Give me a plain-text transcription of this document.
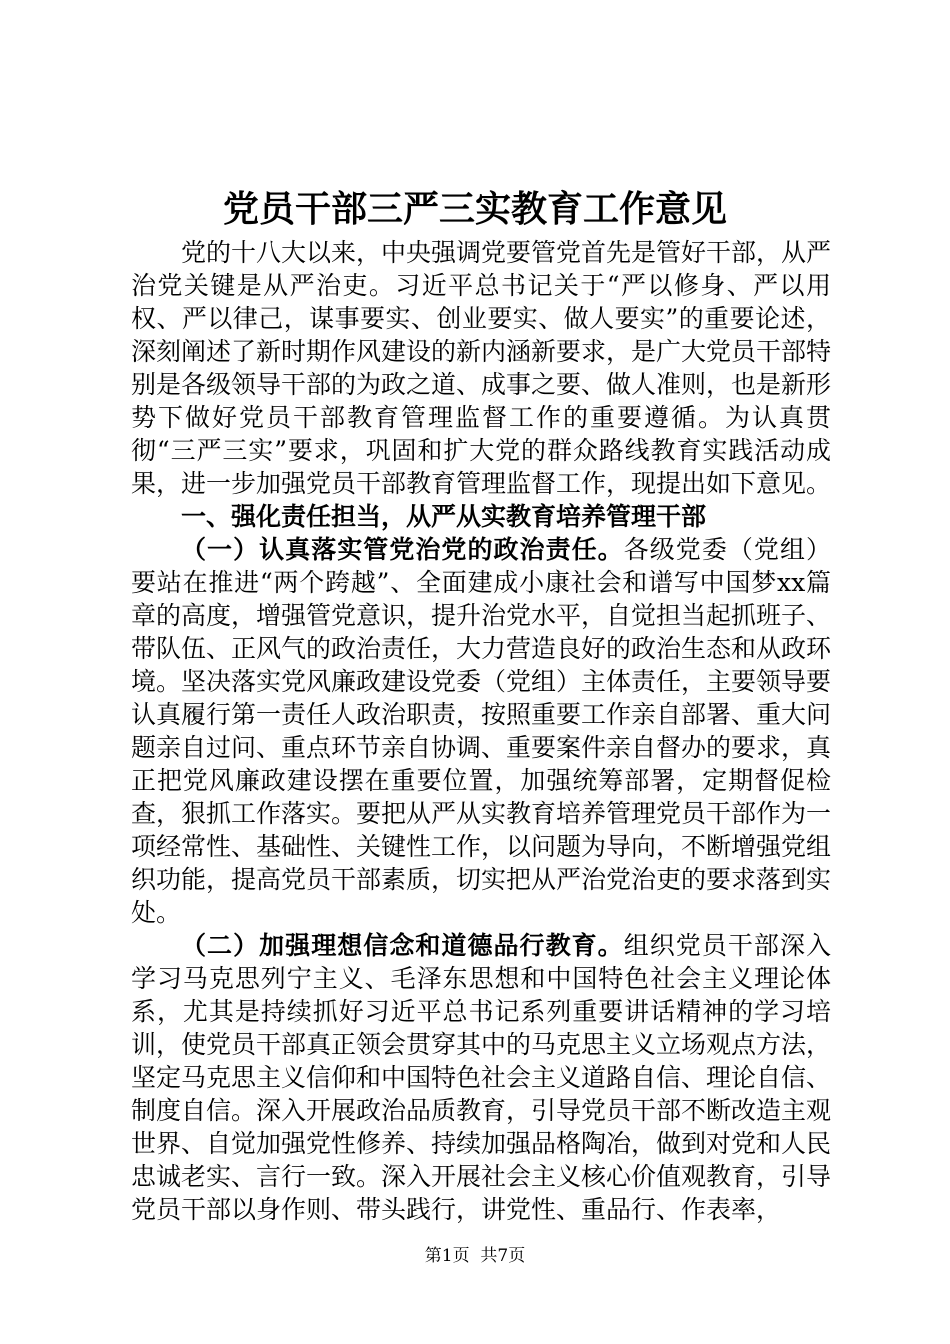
党员干部三严三实教育工作意见

党的十八大以来，中央强调党要管党首先是管好干部，从严治党关键是从严治吏。习近平总书记关于“严以修身、严以用权、严以律己，谋事要实、创业要实、做人要实”的重要论述，深刻阐述了新时期作风建设的新内涵新要求，是广大党员干部特别是各级领导干部的为政之道、成事之要、做人准则，也是新形势下做好党员干部教育管理监督工作的重要遵循。为认真贯彻“三严三实”要求，巩固和扩大党的群众路线教育实践活动成果，进一步加强党员干部教育管理监督工作，现提出如下意见。

一、强化责任担当，从严从实教育培养管理干部

（一）认真落实管党治党的政治责任。各级党委（党组）要站在推进“两个跨越”、全面建成小康社会和谱写中国梦xx篇章的高度，增强管党意识，提升治党水平，自觉担当起抓班子、带队伍、正风气的政治责任，大力营造良好的政治生态和从政环境。坚决落实党风廉政建设党委（党组）主体责任，主要领导要认真履行第一责任人政治职责，按照重要工作亲自部署、重大问题亲自过问、重点环节亲自协调、重要案件亲自督办的要求，真正把党风廉政建设摆在重要位置，加强统筹部署，定期督促检查，狠抓工作落实。要把从严从实教育培养管理党员干部作为一项经常性、基础性、关键性工作，以问题为导向，不断增强党组织功能，提高党员干部素质，切实把从严治党治吏的要求落到实处。

（二）加强理想信念和道德品行教育。组织党员干部深入学习马克思列宁主义、毛泽东思想和中国特色社会主义理论体系，尤其是持续抓好习近平总书记系列重要讲话精神的学习培训，使党员干部真正领会贯穿其中的马克思主义立场观点方法，坚定马克思主义信仰和中国特色社会主义道路自信、理论自信、制度自信。深入开展政治品质教育，引导党员干部不断改造主观世界、自觉加强党性修养、持续加强品格陶冶，做到对党和人民忠诚老实、言行一致。深入开展社会主义核心价值观教育，引导党员干部以身作则、带头践行，讲党性、重品行、作表率，

第1页  共7页
